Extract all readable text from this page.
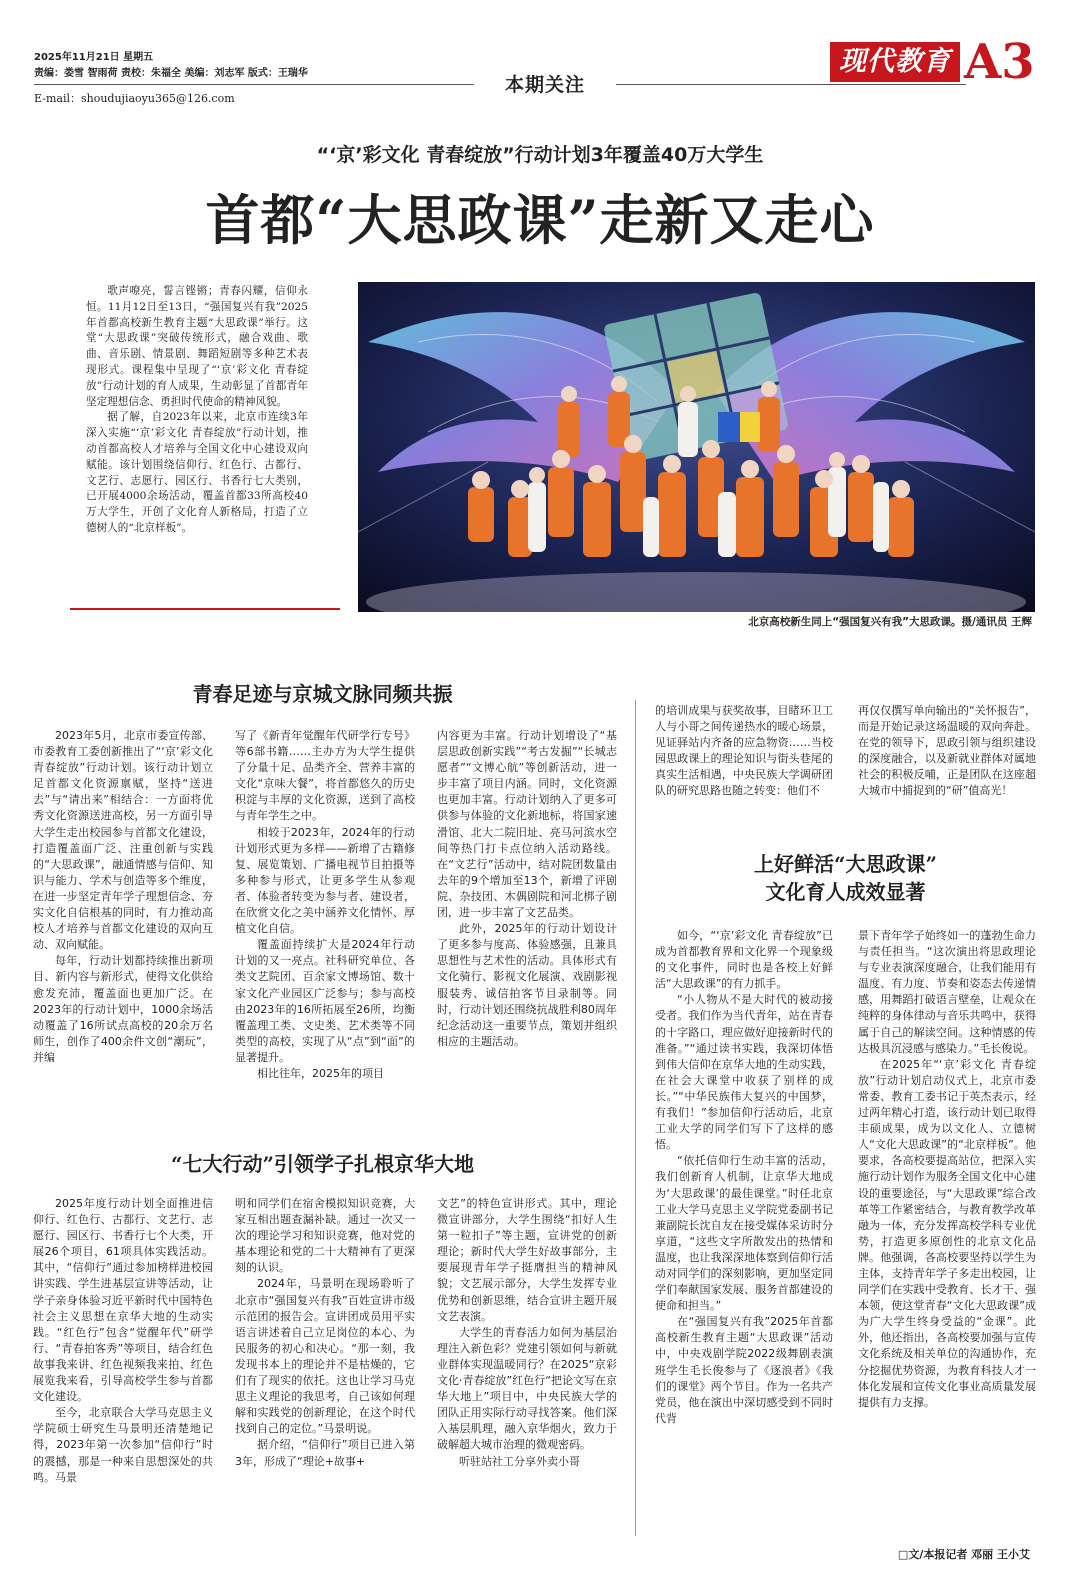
2025年11月21日 星期五
责编：娄雪 智雨荷 责校：朱福全 美编：刘志军 版式：王瑞华
E-mail：shoudujiaoyu365@126.com
本期关注
现代教育报
A3
“‘京’彩文化 青春绽放”行动计划3年覆盖40万大学生
首都“大思政课”走新又走心

歌声嘹亮，誓言铿锵；青春闪耀，信仰永恒。11月12日至13日，“强国复兴有我”2025年首都高校新生教育主题“大思政课”举行。这堂“大思政课”突破传统形式，融合戏曲、歌曲、音乐剧、情景剧、舞蹈短剧等多种艺术表现形式。课程集中呈现了“‘京’彩文化 青春绽放”行动计划的育人成果，生动彰显了首都青年坚定理想信念、勇担时代使命的精神风貌。

据了解，自2023年以来，北京市连续3年深入实施“‘京’彩文化 青春绽放”行动计划，推动首都高校人才培养与全国文化中心建设双向赋能。该计划围绕信仰行、红色行、古都行、文艺行、志愿行、园区行、书香行七大类别，已开展4000余场活动，覆盖首都33所高校40万大学生，开创了文化育人新格局，打造了立德树人的“北京样板”。

北京高校新生同上“强国复兴有我”大思政课。摄/通讯员 王辉
青春足迹与京城文脉同频共振

2023年5月，北京市委宣传部、市委教育工委创新推出了“‘京’彩文化 青春绽放”行动计划。该行动计划立足首都文化资源禀赋，坚持“送进去”与“请出来”相结合：一方面将优秀文化资源送进高校，另一方面引导大学生走出校园参与首都文化建设，打造覆盖面广泛、注重创新与实践的“大思政课”，融通情感与信仰、知识与能力、学术与创造等多个维度，在进一步坚定青年学子理想信念、夯实文化自信根基的同时，有力推动高校人才培养与首都文化建设的双向互动、双向赋能。

每年，行动计划都持续推出新项目、新内容与新形式，使得文化供给愈发充沛，覆盖面也更加广泛。在2023年的行动计划中，1000余场活动覆盖了16所试点高校的20余万名师生，创作了400余件文创“潮玩”，并编

写了《新青年觉醒年代研学行专号》等6部书籍……主办方为大学生提供了分量十足、品类齐全、营养丰富的文化“京味大餐”，将首都悠久的历史积淀与丰厚的文化资源，送到了高校与青年学生之中。

相较于2023年，2024年的行动计划形式更为多样——新增了古籍修复、展览策划、广播电视节目拍摄等多种参与形式，让更多学生从参观者、体验者转变为参与者、建设者，在欣赏文化之美中涵养文化情怀、厚植文化自信。

覆盖面持续扩大是2024年行动计划的又一亮点。社科研究单位、各类文艺院团、百余家文博场馆、数十家文化产业园区广泛参与；参与高校由2023年的16所拓展至26所，均衡覆盖理工类、文史类、艺术类等不同类型的高校，实现了从“点”到“面”的显著提升。

相比往年，2025年的项目

内容更为丰富。行动计划增设了“基层思政创新实践”“考古发掘”“长城志愿者”“文博心航”等创新活动，进一步丰富了项目内涵。同时，文化资源也更加丰富。行动计划纳入了更多可供参与体验的文化新地标，将国家速滑馆、北大二院旧址、亮马河滨水空间等热门打卡点位纳入活动路线。在“文艺行”活动中，结对院团数量由去年的9个增加至13个，新增了评剧院、杂技团、木偶剧院和河北梆子剧团，进一步丰富了文艺品类。

此外，2025年的行动计划设计了更多参与度高、体验感强，且兼具思想性与艺术性的活动。具体形式有文化骑行、影视文化展演、戏剧影视服装秀、诚信拍客节目录制等。同时，行动计划还围绕抗战胜利80周年纪念活动这一重要节点，策划并组织相应的主题活动。

“七大行动”引领学子扎根京华大地

2025年度行动计划全面推进信仰行、红色行、古都行、文艺行、志愿行、园区行、书香行七个大类，开展26个项目，61项具体实践活动。其中，“信仰行”通过参加榜样进校园讲实践、学生进基层宣讲等活动，让学子亲身体验习近平新时代中国特色社会主义思想在京华大地的生动实践。“红色行”包含“觉醒年代”研学行、“青春拍客秀”等项目，结合红色故事我来讲、红色视频我来拍、红色展览我来看，引导高校学生参与首都文化建设。

至今，北京联合大学马克思主义学院硕士研究生马景明还清楚地记得，2023年第一次参加“信仰行”时的震撼，那是一种来自思想深处的共鸣。马景

明和同学们在宿舍模拟知识竞赛，大家互相出题查漏补缺。通过一次又一次的理论学习和知识竞赛，他对党的基本理论和党的二十大精神有了更深刻的认识。

2024年，马景明在现场聆听了北京市“强国复兴有我”百姓宣讲市级示范团的报告会。宣讲团成员用平实语言讲述着自己立足岗位的本心、为民服务的初心和决心。“那一刻，我发现书本上的理论并不是枯燥的，它们有了现实的依托。这也让学习马克思主义理论的我思考，自己该如何理解和实践党的创新理论，在这个时代找到自己的定位。”马景明说。

据介绍，“信仰行”项目已进入第3年，形成了“理论+故事+

文艺”的特色宣讲形式。其中，理论微宣讲部分，大学生围绕“扣好人生第一粒扣子”等主题，宣讲党的创新理论；新时代大学生好故事部分，主要展现青年学子挺膺担当的精神风貌；文艺展示部分，大学生发挥专业优势和创新思维，结合宣讲主题开展文艺表演。

大学生的青春活力如何为基层治理注入新色彩？党建引领如何与新就业群体实现温暖同行？在2025“京彩文化·青春绽放”红色行“把论文写在京华大地上”项目中，中央民族大学的团队正用实际行动寻找答案。他们深入基层肌理，融入京华烟火，致力于破解超大城市治理的微观密码。

听驻站社工分享外卖小哥

的培训成果与获奖故事，目睹环卫工人与小哥之间传递热水的暖心场景，见证驿站内齐备的应急物资……当校园思政课上的理论知识与街头巷尾的真实生活相遇，中央民族大学调研团队的研究思路也随之转变：他们不

再仅仅撰写单向输出的“关怀报告”，而是开始记录这场温暖的双向奔赴。在党的领导下，思政引领与组织建设的深度融合，以及新就业群体对属地社会的积极反哺，正是团队在这座超大城市中捕捉到的“研”值高光！

上好鲜活“大思政课”
文化育人成效显著

如今，“‘京’彩文化 青春绽放”已成为首都教育界和文化界一个现象级的文化事件，同时也是各校上好鲜活“大思政课”的有力抓手。

“小人物从不是大时代的被动接受者。我们作为当代青年，站在青春的十字路口，理应做好迎接新时代的准备。”“通过读书实践，我深切体悟到伟大信仰在京华大地的生动实践，在社会大课堂中收获了别样的成长。”“中华民族伟大复兴的中国梦，有我们！”参加信仰行活动后，北京工业大学的同学们写下了这样的感悟。

“依托信仰行生动丰富的活动，我们创新育人机制，让京华大地成为‘大思政课’的最佳课堂。”时任北京工业大学马克思主义学院党委副书记兼副院长沈自友在接受媒体采访时分享道，“这些文字所散发出的热情和温度，也让我深深地体察到信仰行活动对同学们的深刻影响，更加坚定同学们奉献国家发展、服务首都建设的使命和担当。”

在“强国复兴有我”2025年首都高校新生教育主题“大思政课”活动中，中央戏剧学院2022级舞剧表演班学生毛长俊参与了《逐浪者》《我们的课堂》两个节目。作为一名共产党员，他在演出中深切感受到不同时代背

景下青年学子始终如一的蓬勃生命力与责任担当。“这次演出将思政理论与专业表演深度融合，让我们能用有温度、有力度、节奏和姿态去传递情感，用舞蹈打破语言壁垒，让观众在纯粹的身体律动与音乐共鸣中，获得属于自己的解读空间。这种情感的传达极具沉浸感与感染力。”毛长俊说。

在2025年“‘京’彩文化 青春绽放”行动计划启动仪式上，北京市委常委、教育工委书记于英杰表示，经过两年精心打造，该行动计划已取得丰硕成果，成为以文化人、立德树人“文化大思政课”的“北京样板”。他要求，各高校要提高站位，把深入实施行动计划作为服务全国文化中心建设的重要途径，与“大思政课”综合改革等工作紧密结合，与教育教学改革融为一体，充分发挥高校学科专业优势，打造更多原创性的北京文化品牌。他强调，各高校要坚持以学生为主体，支持青年学子多走出校园，让同学们在实践中受教育、长才干、强本领，使这堂青春“文化大思政课”成为广大学生终身受益的“金课”。此外，他还指出，各高校要加强与宣传文化系统及相关单位的沟通协作，充分挖掘优势资源，为教育科技人才一体化发展和宣传文化事业高质量发展提供有力支撑。

□文/本报记者 邓丽 王小艾
